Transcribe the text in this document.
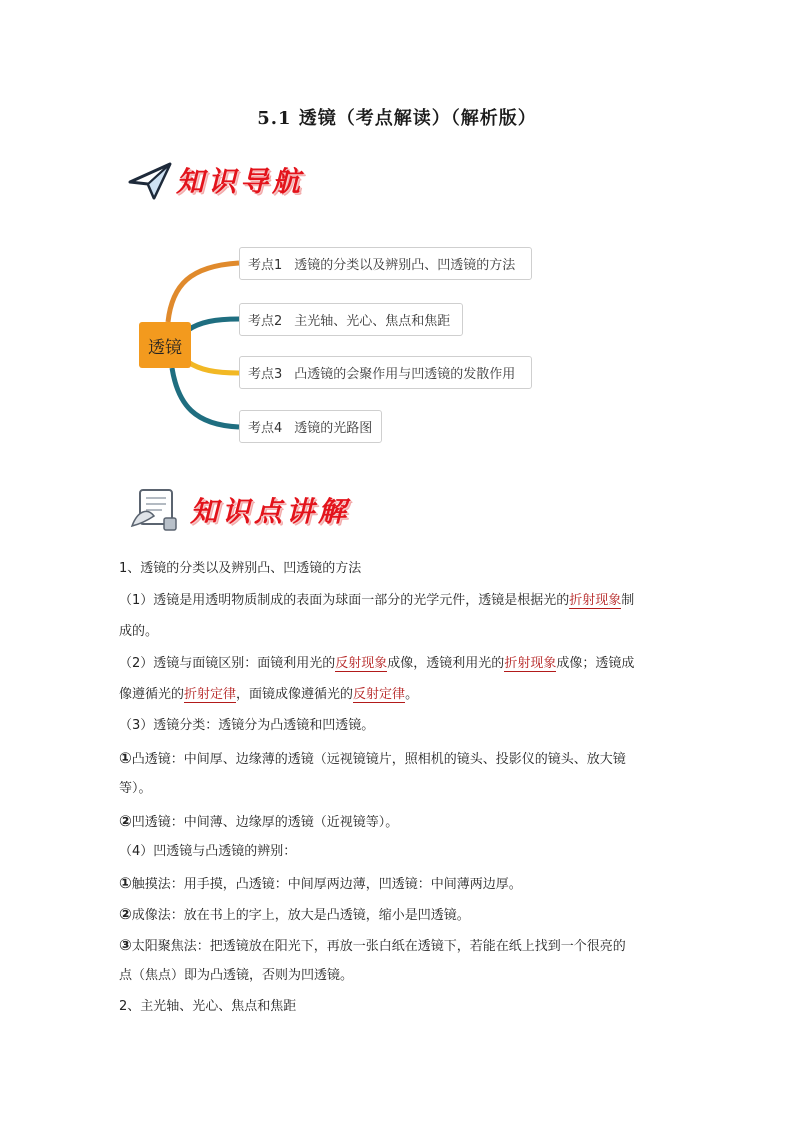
5.1 透镜（考点解读）（解析版）
知识导航
透镜
考点1 透镜的分类以及辨别凸、凹透镜的方法
考点2 主光轴、光心、焦点和焦距
考点3 凸透镜的会聚作用与凹透镜的发散作用
考点4 透镜的光路图
知识点讲解
1、透镜的分类以及辨别凸、凹透镜的方法
（1）透镜是用透明物质制成的表面为球面一部分的光学元件，透镜是根据光的折射现象制
成的。
（2）透镜与面镜区别：面镜利用光的反射现象成像，透镜利用光的折射现象成像；透镜成
像遵循光的折射定律，面镜成像遵循光的反射定律。
（3）透镜分类：透镜分为凸透镜和凹透镜。
①凸透镜：中间厚、边缘薄的透镜（远视镜镜片，照相机的镜头、投影仪的镜头、放大镜
等）。
②凹透镜：中间薄、边缘厚的透镜（近视镜等）。
（4）凹透镜与凸透镜的辨别：
①触摸法：用手摸，凸透镜：中间厚两边薄，凹透镜：中间薄两边厚。
②成像法：放在书上的字上，放大是凸透镜，缩小是凹透镜。
③太阳聚焦法：把透镜放在阳光下，再放一张白纸在透镜下，若能在纸上找到一个很亮的
点（焦点）即为凸透镜，否则为凹透镜。
2、主光轴、光心、焦点和焦距
